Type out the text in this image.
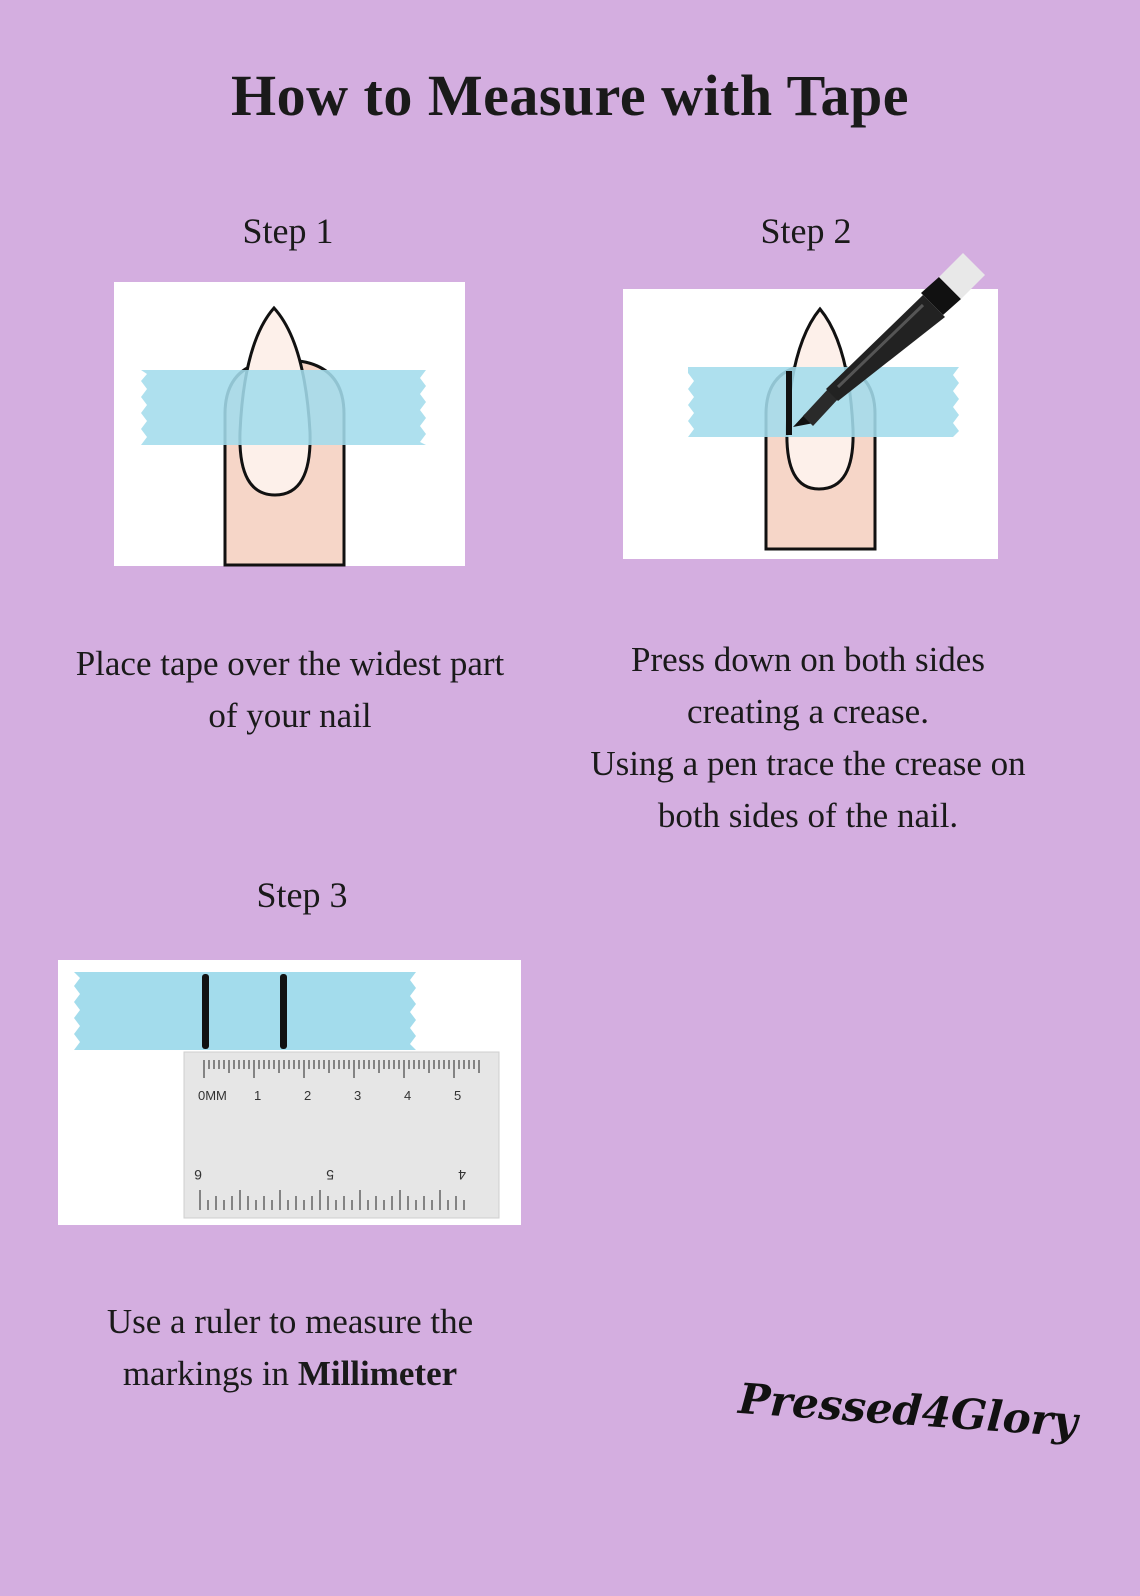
How to Measure with Tape
Step 1
Place tape over the widest part
of your nail
Step 2
Press down on both sides
creating a crease.
Using a pen trace the crease on
both sides of the nail.
Step 3
0MM 1	2	3	4	5
6	5	4
Use a ruler to measure the
markings in Millimeter
Pressed4Glory
